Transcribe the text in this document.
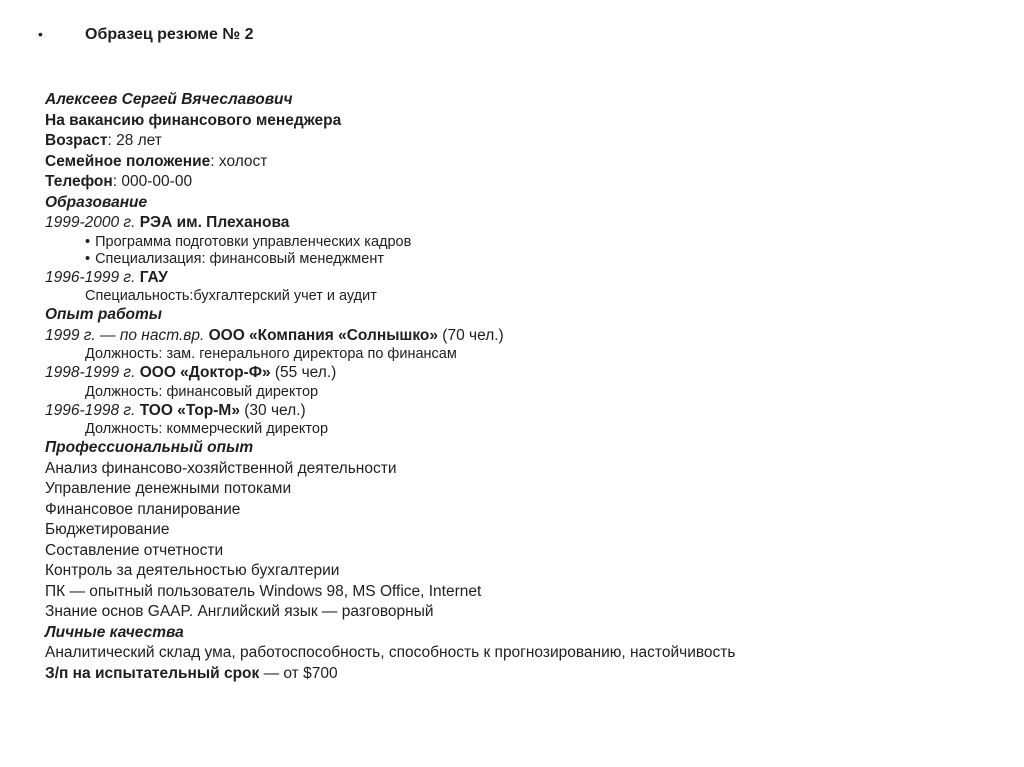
•	Образец резюме № 2
Алексеев Сергей Вячеславович
На вакансию финансового менеджера
Возраст: 28 лет
Семейное положение: холост
Телефон: 000-00-00
Образование
1999-2000 г. РЭА им. Плеханова
• Программа подготовки управленческих кадров
• Специализация: финансовый менеджмент
1996-1999 г. ГАУ
Специальность:бухгалтерский учет и аудит
Опыт работы
1999 г. — по наст.вр. ООО «Компания «Солнышко» (70 чел.)
Должность: зам. генерального директора по финансам
1998-1999 г. ООО «Доктор-Ф» (55 чел.)
Должность: финансовый директор
1996-1998 г. ТОО «Тор-М» (30 чел.)
Должность: коммерческий директор
Профессиональный опыт
Анализ финансово-хозяйственной деятельности
Управление денежными потоками
Финансовое планирование
Бюджетирование
Составление отчетности
Контроль за деятельностью бухгалтерии
ПК — опытный пользователь Windows 98, MS Office, Internet
Знание основ GAAP. Английский язык — разговорный
Личные качества
Аналитический склад ума, работоспособность, способность к прогнозированию, настойчивость
З/п на испытательный срок — от $700
